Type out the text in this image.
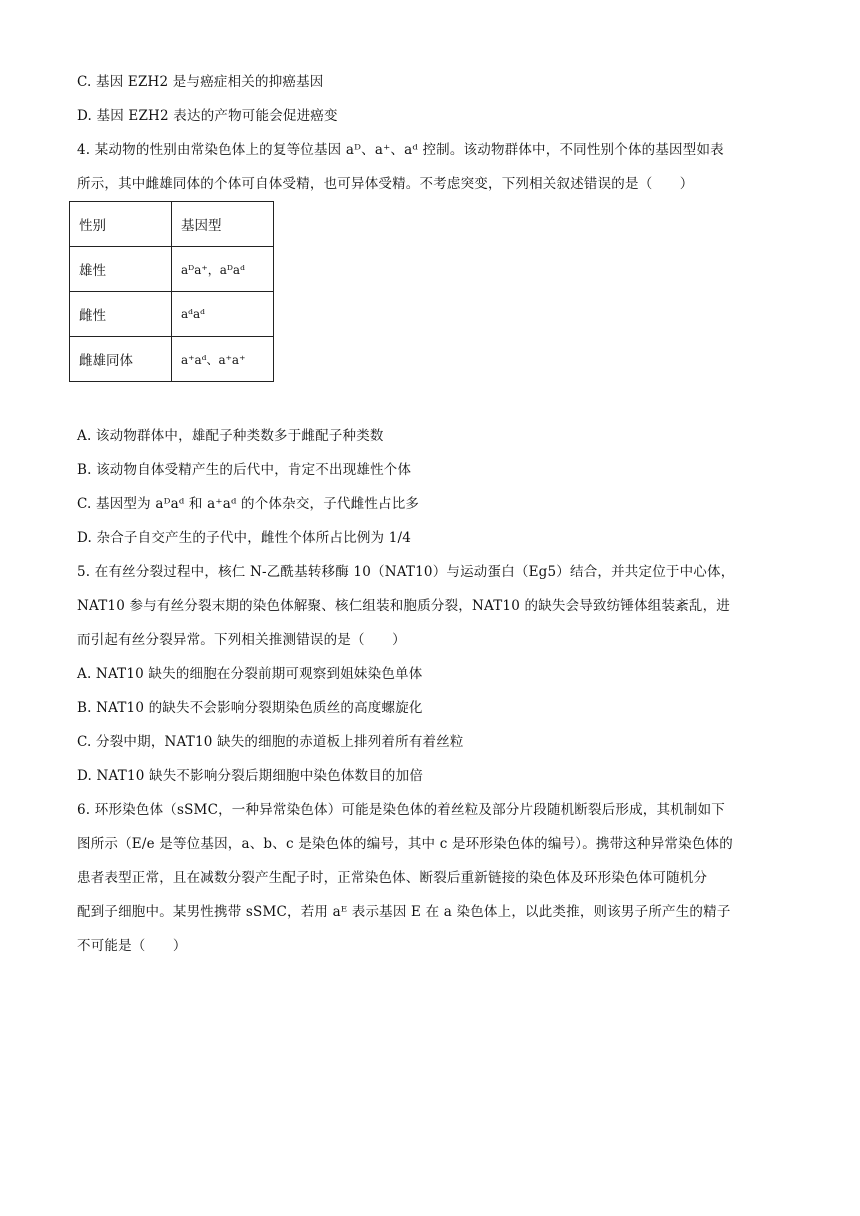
C. 基因 EZH2 是与癌症相关的抑癌基因
D. 基因 EZH2 表达的产物可能会促进癌变
4. 某动物的性别由常染色体上的复等位基因 aᴰ、a⁺、aᵈ 控制。该动物群体中，不同性别个体的基因型如表
所示，其中雌雄同体的个体可自体受精，也可异体受精。不考虑突变，下列相关叙述错误的是（　　）
性别	基因型
雄性	aᴰa⁺，aᴰaᵈ
雌性	aᵈaᵈ
雌雄同体	a⁺aᵈ、a⁺a⁺
A. 该动物群体中，雄配子种类数多于雌配子种类数
B. 该动物自体受精产生的后代中，肯定不出现雄性个体
C. 基因型为 aᴰaᵈ 和 a⁺aᵈ 的个体杂交，子代雌性占比多
D. 杂合子自交产生的子代中，雌性个体所占比例为 1/4
5. 在有丝分裂过程中，核仁 N-乙酰基转移酶 10（NAT10）与运动蛋白（Eg5）结合，并共定位于中心体，
NAT10 参与有丝分裂末期的染色体解聚、核仁组装和胞质分裂，NAT10 的缺失会导致纺锤体组装紊乱，进
而引起有丝分裂异常。下列相关推测错误的是（　　）
A. NAT10 缺失的细胞在分裂前期可观察到姐妹染色单体
B. NAT10 的缺失不会影响分裂期染色质丝的高度螺旋化
C. 分裂中期，NAT10 缺失的细胞的赤道板上排列着所有着丝粒
D. NAT10 缺失不影响分裂后期细胞中染色体数目的加倍
6. 环形染色体（sSMC，一种异常染色体）可能是染色体的着丝粒及部分片段随机断裂后形成，其机制如下
图所示（E/e 是等位基因，a、b、c 是染色体的编号，其中 c 是环形染色体的编号）。携带这种异常染色体的
患者表型正常，且在减数分裂产生配子时，正常染色体、断裂后重新链接的染色体及环形染色体可随机分
配到子细胞中。某男性携带 sSMC，若用 aᴱ 表示基因 E 在 a 染色体上，以此类推，则该男子所产生的精子
不可能是（　　）
